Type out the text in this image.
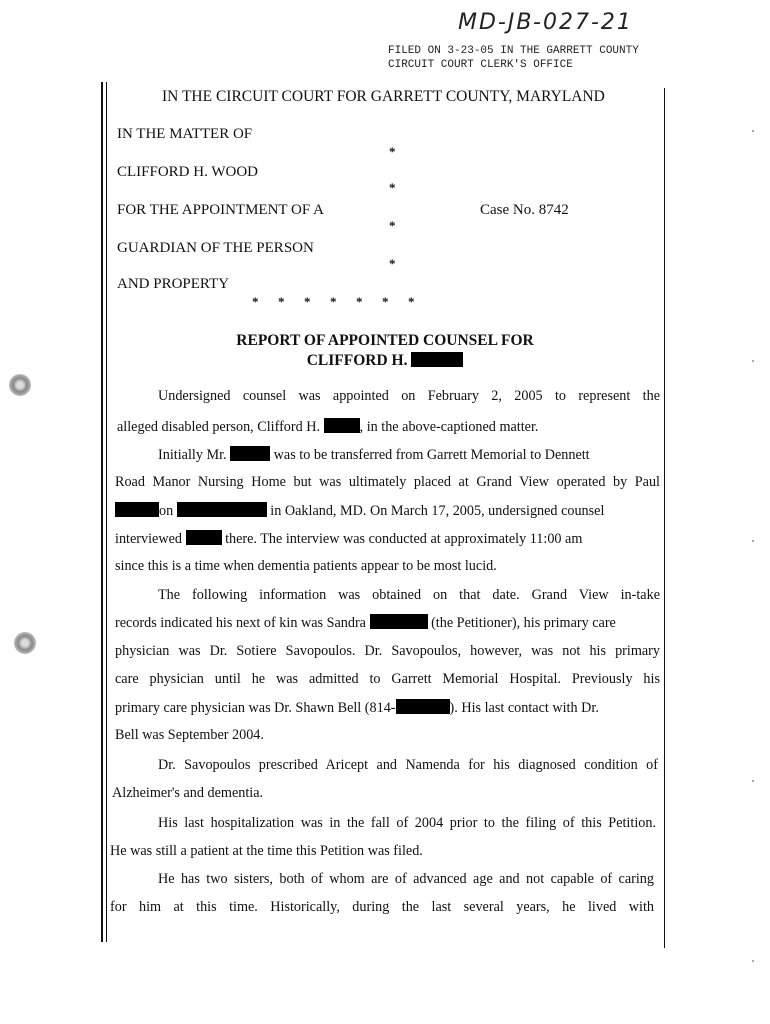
MD-JB-027-21
FILED ON 3-23-05 IN THE GARRETT COUNTY
CIRCUIT COURT CLERK'S OFFICE
IN THE CIRCUIT COURT FOR GARRETT COUNTY, MARYLAND
IN THE MATTER OF
CLIFFORD H. WOOD
FOR THE APPOINTMENT OF A
GUARDIAN OF THE PERSON
AND PROPERTY
Case No. 8742
*
*
*
*
*      *      *      *      *      *      *
REPORT OF APPOINTED COUNSEL FOR
CLIFFORD H.
Undersigned counsel was appointed on February 2, 2005 to represent the
alleged disabled person, Clifford H.	, in the above-captioned matter.
Initially Mr.	was to be transferred from Garrett Memorial to Dennett
Road Manor Nursing Home but was ultimately placed at Grand View operated by Paul
on	in Oakland, MD. On March 17, 2005, undersigned counsel
interviewed	there. The interview was conducted at approximately 11:00 am
since this is a time when dementia patients appear to be most lucid.
The following information was obtained on that date. Grand View in-take
records indicated his next of kin was Sandra	(the Petitioner), his primary care
physician was Dr. Sotiere Savopoulos. Dr. Savopoulos, however, was not his primary
care physician until he was admitted to Garrett Memorial Hospital. Previously his
primary care physician was Dr. Shawn Bell (814-	). His last contact with Dr.
Bell was September 2004.
Dr. Savopoulos prescribed Aricept and Namenda for his diagnosed condition of
Alzheimer's and dementia.
His last hospitalization was in the fall of 2004 prior to the filing of this Petition.
He was still a patient at the time this Petition was filed.
He has two sisters, both of whom are of advanced age and not capable of caring
for him at this time. Historically, during the last several years, he lived with
